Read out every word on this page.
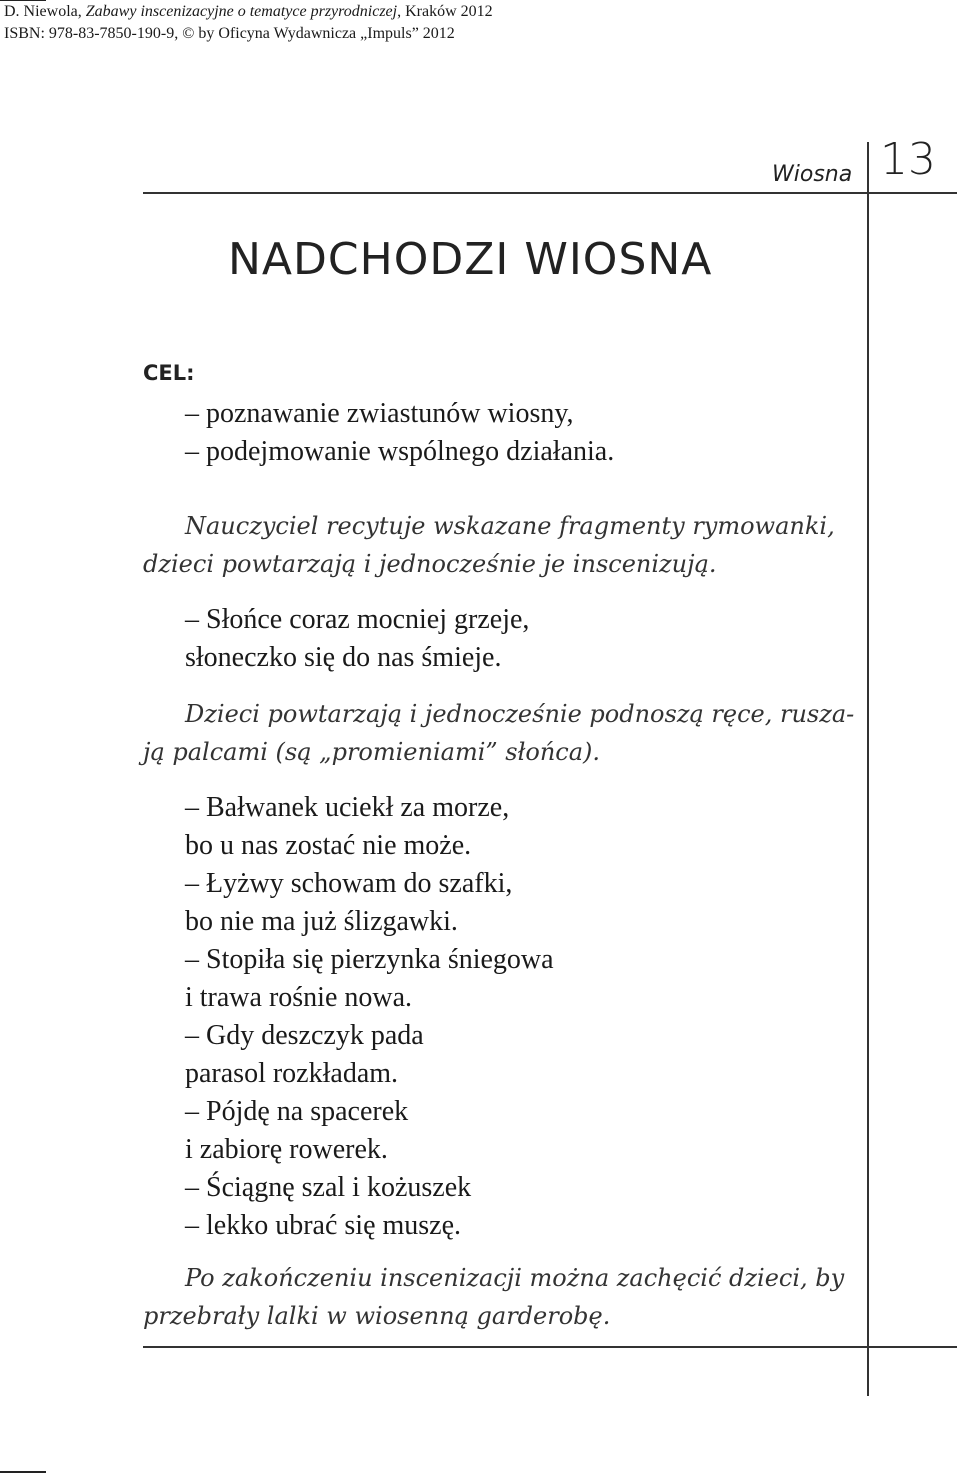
D. Niewola, Zabawy inscenizacyjne o tematyce przyrodniczej, Kraków 2012
ISBN: 978-83-7850-190-9, © by Oficyna Wydawnicza „Impuls” 2012
Wiosna 13
NADCHODZI WIOSNA
CEL:
– poznawanie zwiastunów wiosny,
– podejmowanie wspólnego działania.
Nauczyciel recytuje wskazane fragmenty rymowanki,
dzieci powtarzają i jednocześnie je inscenizują.
– Słońce coraz mocniej grzeje,
słoneczko się do nas śmieje.
Dzieci powtarzają i jednocześnie podnoszą ręce, rusza-
ją palcami (są „promieniami” słońca).
– Bałwanek uciekł za morze,
bo u nas zostać nie może.
– Łyżwy schowam do szafki,
bo nie ma już ślizgawki.
– Stopiła się pierzynka śniegowa
i trawa rośnie nowa.
– Gdy deszczyk pada
parasol rozkładam.
– Pójdę na spacerek
i zabiorę rowerek.
– Ściągnę szal i kożuszek
– lekko ubrać się muszę.
Po zakończeniu inscenizacji można zachęcić dzieci, by
przebrały lalki w wiosenną garderobę.
